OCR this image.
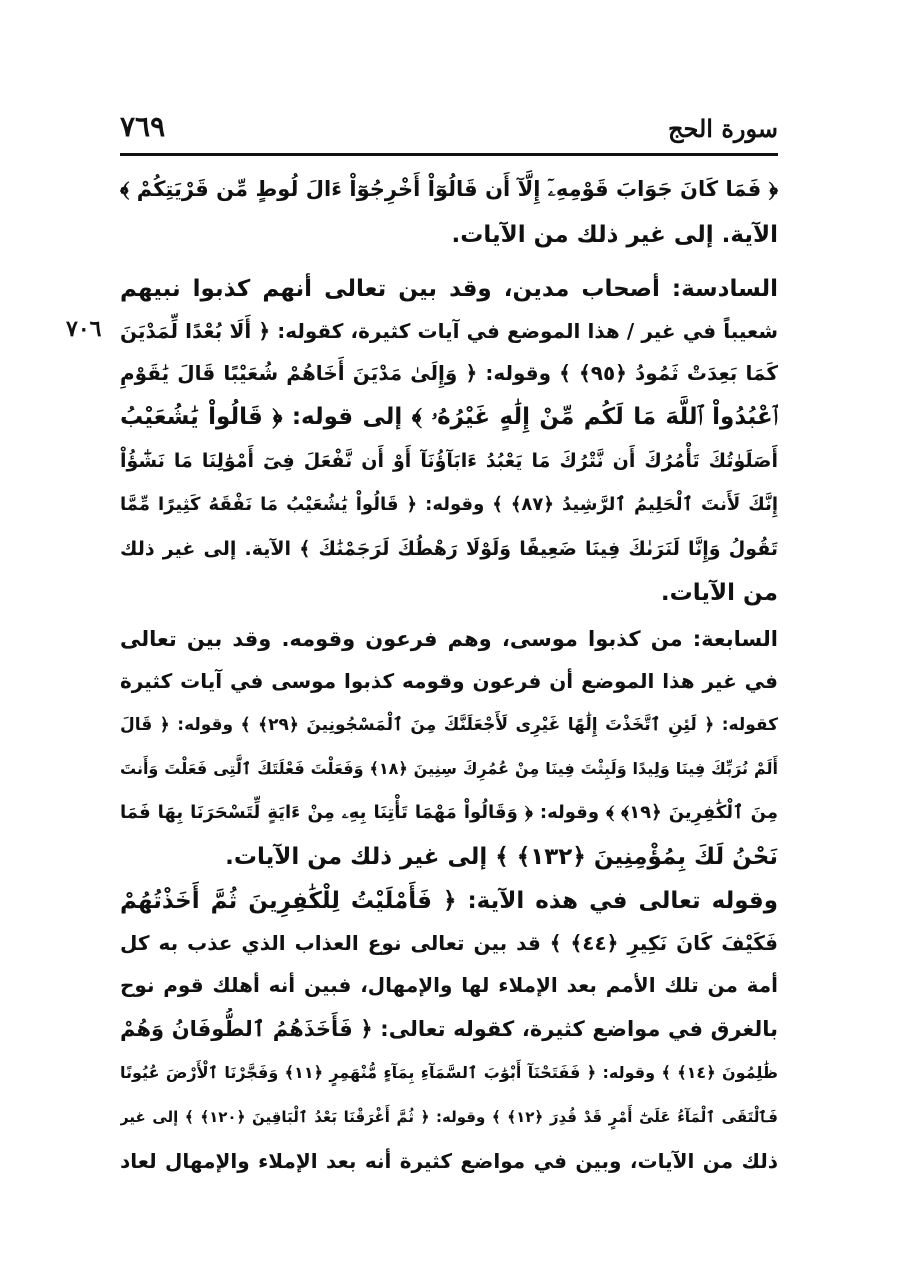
سورة الحج
٧٦٩
٧٠٦
﴿ فَمَا كَانَ جَوَابَ قَوْمِهِۦٓ إِلَّآ أَن قَالُوٓاْ أَخْرِجُوٓاْ ءَالَ لُوطٍ مِّن قَرْيَتِكُمْ ﴾
الآية. إلى غير ذلك من الآيات.
السادسة: أصحاب مدين، وقد بين تعالى أنهم كذبوا نبيهم
شعيباً في غير / هذا الموضع في آيات كثيرة، كقوله: ﴿ أَلَا بُعْدًا لِّمَدْيَنَ
كَمَا بَعِدَتْ ثَمُودُ ﴿٩٥﴾ ﴾ وقوله: ﴿ وَإِلَىٰ مَدْيَنَ أَخَاهُمْ شُعَيْبًا قَالَ يَٰقَوْمِ
ٱعْبُدُواْ ٱللَّهَ مَا لَكُم مِّنْ إِلَٰهٍ غَيْرُهُۥ ﴾ إلى قوله: ﴿ قَالُواْ يَٰشُعَيْبُ
أَصَلَوٰتُكَ تَأْمُرُكَ أَن نَّتْرُكَ مَا يَعْبُدُ ءَابَآؤُنَآ أَوْ أَن نَّفْعَلَ فِىٓ أَمْوَٰلِنَا مَا نَشَٰٓؤُاْ
إِنَّكَ لَأَنتَ ٱلْحَلِيمُ ٱلرَّشِيدُ ﴿٨٧﴾ ﴾ وقوله: ﴿ قَالُواْ يَٰشُعَيْبُ مَا نَفْقَهُ كَثِيرًا مِّمَّا
تَقُولُ وَإِنَّا لَنَرَىٰكَ فِينَا ضَعِيفًا وَلَوْلَا رَهْطُكَ لَرَجَمْنَٰكَ ﴾ الآية. إلى غير ذلك
من الآيات.
السابعة: من كذبوا موسى، وهم فرعون وقومه. وقد بين تعالى
في غير هذا الموضع أن فرعون وقومه كذبوا موسى في آيات كثيرة
كقوله: ﴿ لَئِنِ ٱتَّخَذْتَ إِلَٰهًا غَيْرِى لَأَجْعَلَنَّكَ مِنَ ٱلْمَسْجُونِينَ ﴿٢٩﴾ ﴾ وقوله: ﴿ قَالَ
أَلَمْ نُرَبِّكَ فِينَا وَلِيدًا وَلَبِثْتَ فِينَا مِنْ عُمُرِكَ سِنِينَ ﴿١٨﴾ وَفَعَلْتَ فَعْلَتَكَ ٱلَّتِى فَعَلْتَ وَأَنتَ
مِنَ ٱلْكَٰفِرِينَ ﴿١٩﴾ ﴾ وقوله: ﴿ وَقَالُواْ مَهْمَا تَأْتِنَا بِهِۦ مِنْ ءَايَةٍ لِّتَسْحَرَنَا بِهَا فَمَا
نَحْنُ لَكَ بِمُؤْمِنِينَ ﴿١٣٢﴾ ﴾ إلى غير ذلك من الآيات.
وقوله تعالى في هذه الآية: ﴿ فَأَمْلَيْتُ لِلْكَٰفِرِينَ ثُمَّ أَخَذْتُهُمْ
فَكَيْفَ كَانَ نَكِيرِ ﴿٤٤﴾ ﴾ قد بين تعالى نوع العذاب الذي عذب به كل
أمة من تلك الأمم بعد الإملاء لها والإمهال، فبين أنه أهلك قوم نوح
بالغرق في مواضع كثيرة، كقوله تعالى: ﴿ فَأَخَذَهُمُ ٱلطُّوفَانُ وَهُمْ
ظَٰلِمُونَ ﴿١٤﴾ ﴾ وقوله: ﴿ فَفَتَحْنَآ أَبْوَٰبَ ٱلسَّمَآءِ بِمَآءٍ مُّنْهَمِرٍ ﴿١١﴾ وَفَجَّرْنَا ٱلْأَرْضَ عُيُونًا
فَٱلْتَقَى ٱلْمَآءُ عَلَىٰٓ أَمْرٍ قَدْ قُدِرَ ﴿١٢﴾ ﴾ وقوله: ﴿ ثُمَّ أَغْرَقْنَا بَعْدُ ٱلْبَاقِينَ ﴿١٢٠﴾ ﴾ إلى غير
ذلك من الآيات، وبين في مواضع كثيرة أنه بعد الإملاء والإمهال لعاد
